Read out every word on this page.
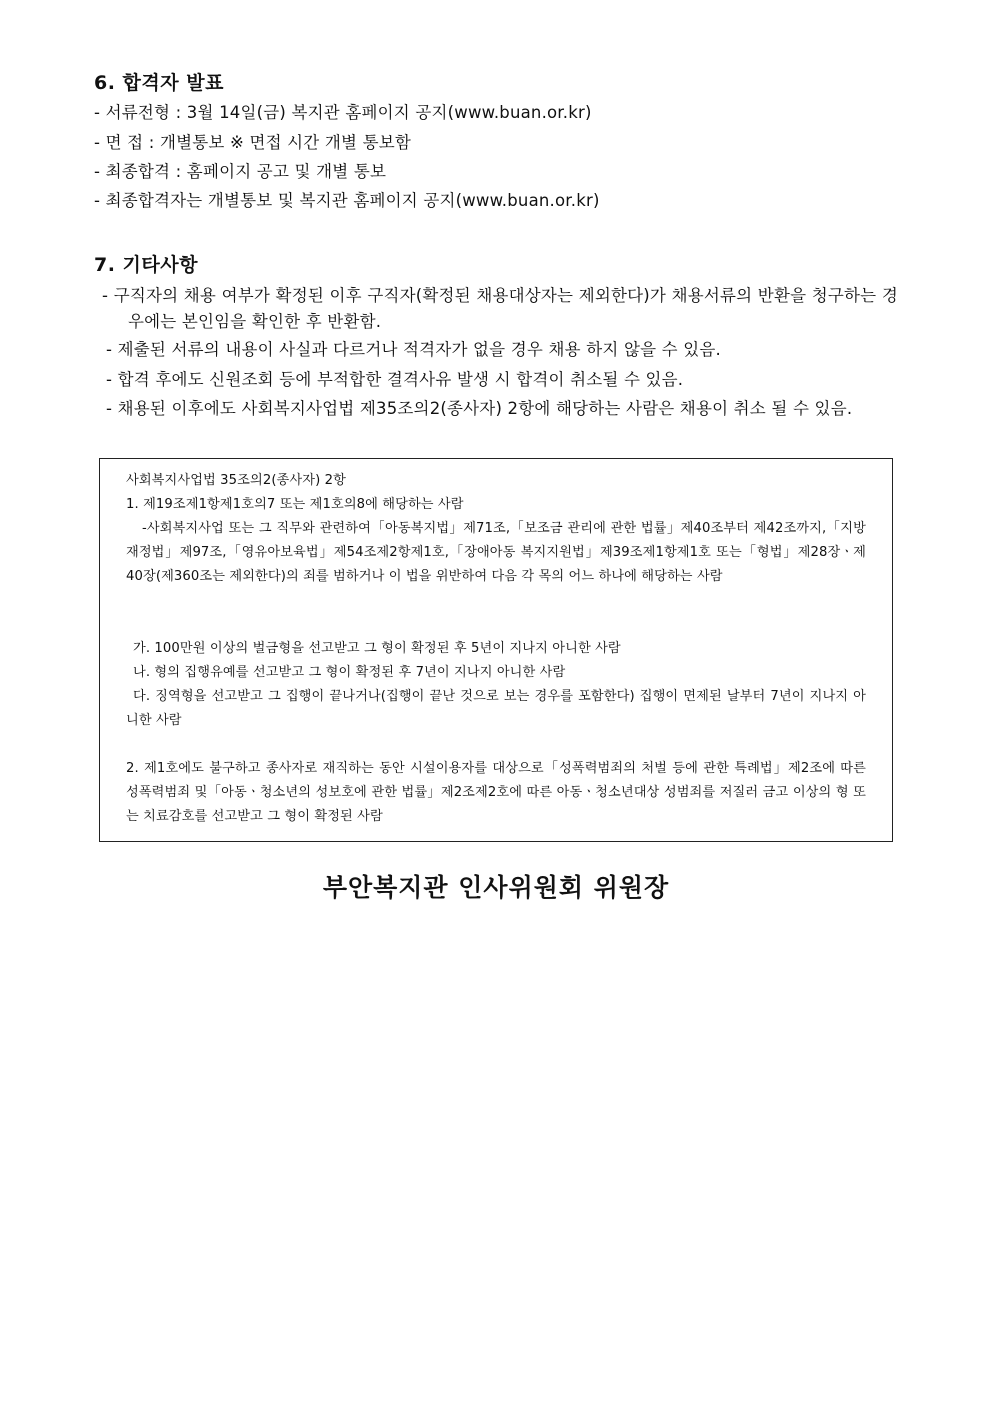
6. 합격자 발표

- 서류전형 : 3월 14일(금) 복지관 홈페이지 공지(www.buan.or.kr)

- 면 접 : 개별통보 ※ 면접 시간 개별 통보함

- 최종합격 : 홈페이지 공고 및 개별 통보

- 최종합격자는 개별통보 및 복지관 홈페이지 공지(www.buan.or.kr)

7. 기타사항

- 구직자의 채용 여부가 확정된 이후 구직자(확정된 채용대상자는 제외한다)가 채용서류의 반환을 청구하는 경우에는 본인임을 확인한 후 반환함.

- 제출된 서류의 내용이 사실과 다르거나 적격자가 없을 경우 채용 하지 않을 수 있음.

- 합격 후에도 신원조회 등에 부적합한 결격사유 발생 시 합격이 취소될 수 있음.

- 채용된 이후에도 사회복지사업법 제35조의2(종사자) 2항에 해당하는 사람은 채용이 취소 될 수 있음.

사회복지사업법 35조의2(종사자) 2항

1. 제19조제1항제1호의7 또는 제1호의8에 해당하는 사람

-사회복지사업 또는 그 직무와 관련하여「아동복지법」제71조,「보조금 관리에 관한 법률」제40조부터 제42조까지,「지방재정법」제97조,「영유아보육법」제54조제2항제1호,「장애아동 복지지원법」제39조제1항제1호 또는「형법」제28장ㆍ제40장(제360조는 제외한다)의 죄를 범하거나 이 법을 위반하여 다음 각 목의 어느 하나에 해당하는 사람

가. 100만원 이상의 벌금형을 선고받고 그 형이 확정된 후 5년이 지나지 아니한 사람

나. 형의 집행유예를 선고받고 그 형이 확정된 후 7년이 지나지 아니한 사람

다. 징역형을 선고받고 그 집행이 끝나거나(집행이 끝난 것으로 보는 경우를 포함한다) 집행이 면제된 날부터 7년이 지나지 아니한 사람

2. 제1호에도 불구하고 종사자로 재직하는 동안 시설이용자를 대상으로「성폭력범죄의 처벌 등에 관한 특례법」제2조에 따른 성폭력범죄 및「아동ㆍ청소년의 성보호에 관한 법률」제2조제2호에 따른 아동ㆍ청소년대상 성범죄를 저질러 금고 이상의 형 또는 치료감호를 선고받고 그 형이 확정된 사람

부안복지관 인사위원회 위원장
